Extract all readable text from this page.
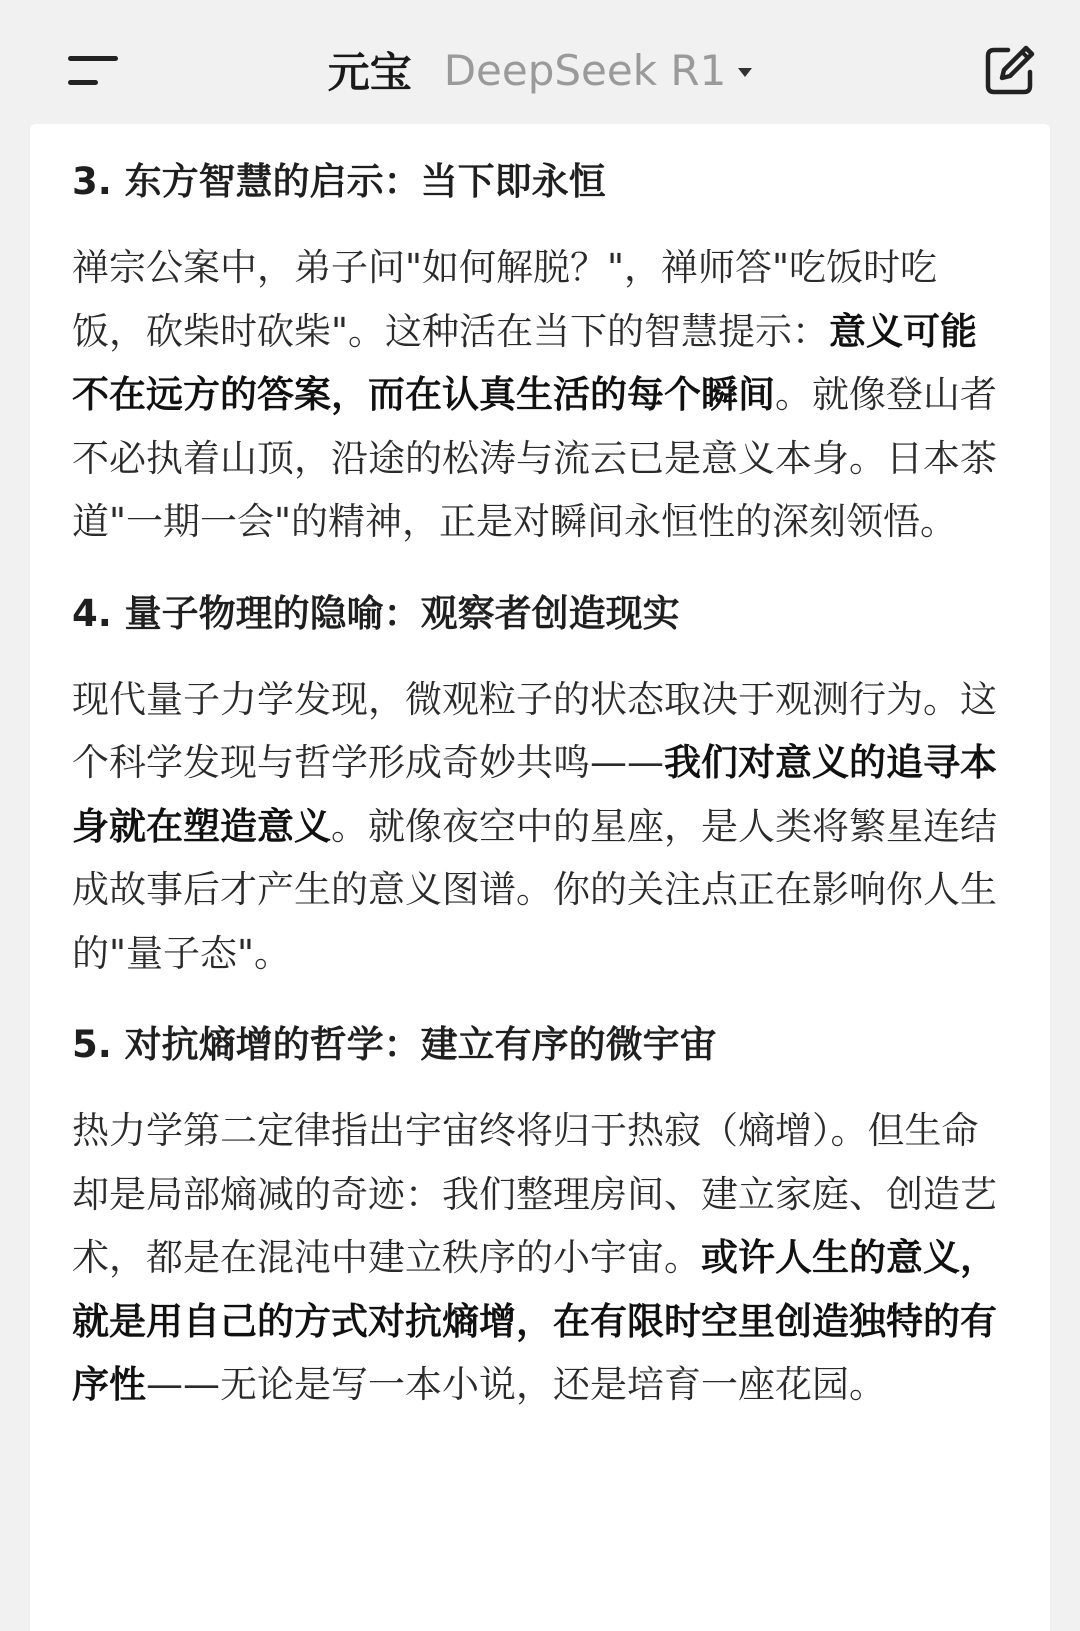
元宝 DeepSeek R1
3. 东方智慧的启示：当下即永恒

禅宗公案中，弟子问"如何解脱？"，禅师答"吃饭时吃饭，砍柴时砍柴"。这种活在当下的智慧提示：意义可能不在远方的答案，而在认真生活的每个瞬间。就像登山者不必执着山顶，沿途的松涛与流云已是意义本身。日本茶道"一期一会"的精神，正是对瞬间永恒性的深刻领悟。

4. 量子物理的隐喻：观察者创造现实

现代量子力学发现，微观粒子的状态取决于观测行为。这个科学发现与哲学形成奇妙共鸣——我们对意义的追寻本身就在塑造意义。就像夜空中的星座，是人类将繁星连结成故事后才产生的意义图谱。你的关注点正在影响你人生的"量子态"。

5. 对抗熵增的哲学：建立有序的微宇宙

热力学第二定律指出宇宙终将归于热寂（熵增）。但生命却是局部熵减的奇迹：我们整理房间、建立家庭、创造艺术，都是在混沌中建立秩序的小宇宙。或许人生的意义，就是用自己的方式对抗熵增，在有限时空里创造独特的有序性——无论是写一本小说，还是培育一座花园。
